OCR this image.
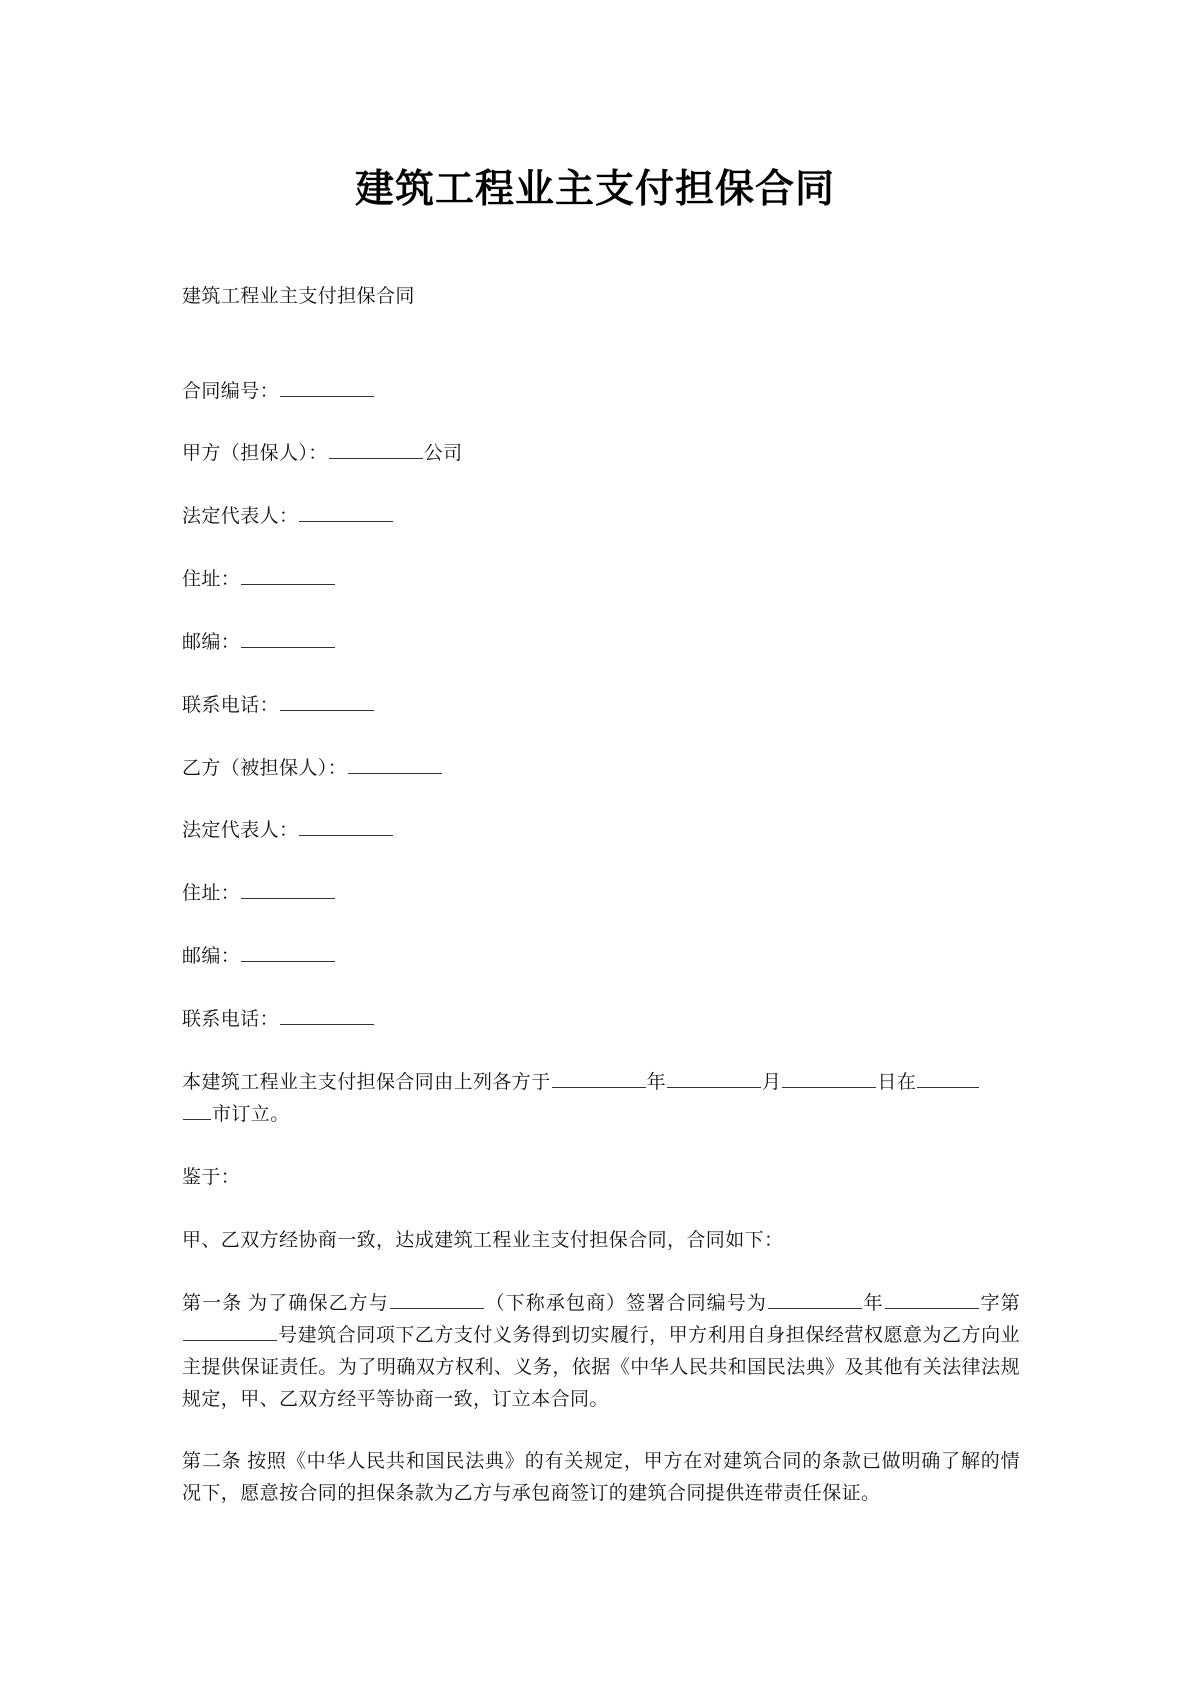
建筑工程业主支付担保合同
建筑工程业主支付担保合同
合同编号：
甲方（担保人）：	公司
法定代表人：
住址：
邮编：
联系电话：
乙方（被担保人）：
法定代表人：
住址：
邮编：
联系电话：
本建筑工程业主支付担保合同由上列各方于	年	月	日在
市订立。
鉴于：
甲、乙双方经协商一致，达成建筑工程业主支付担保合同，合同如下：
第一条 为了确保乙方与	（下称承包商）签署合同编号为	年	字第号建筑合同项下乙方支付义务得到切实履行，甲方利用自身担保经营权愿意为乙方向业主提供保证责任。为了明确双方权利、义务，依据《中华人民共和国民法典》及其他有关法律法规规定，甲、乙双方经平等协商一致，订立本合同。
第二条 按照《中华人民共和国民法典》的有关规定，甲方在对建筑合同的条款已做明确了解的情况下，愿意按合同的担保条款为乙方与承包商签订的建筑合同提供连带责任保证。
